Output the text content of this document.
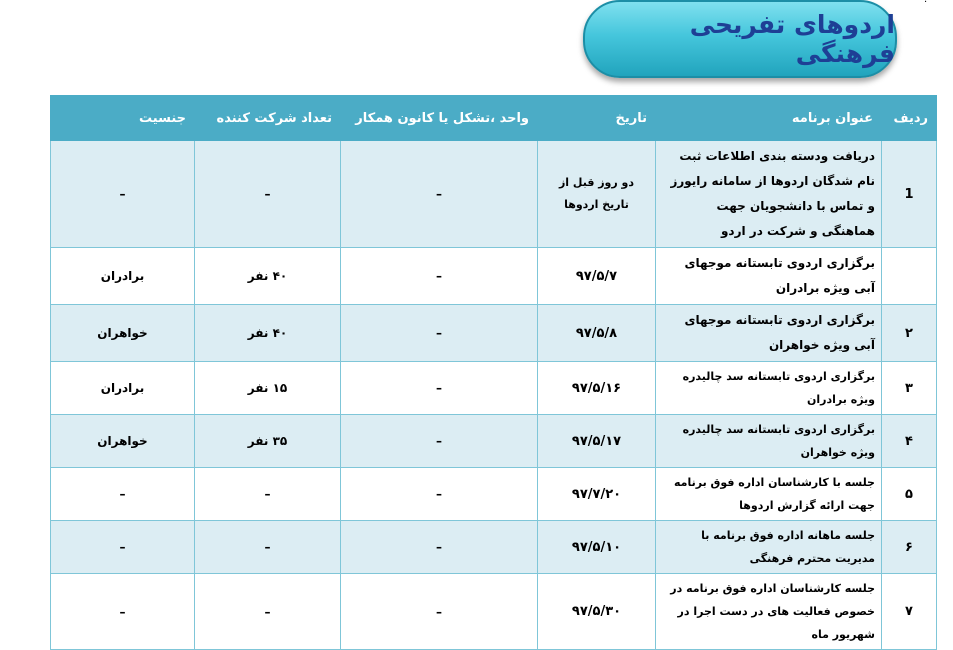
اردوهای تفریحی فرهنگی
ردیف	عنوان برنامه	تاریخ	واحد ،تشکل یا کانون همکار	تعداد شرکت کننده	جنسیت
1	دریافت ودسته بندی اطلاعات ثبت نام شدگان اردوها از سامانه رایورز و تماس با دانشجویان جهت هماهنگی و شرکت در اردو	دو روز قبل از تاریخ اردوها	–	–	–
	برگزاری اردوی تابستانه موجهای آبی ویژه برادران	۹۷/۵/۷	–	۴۰ نفر	برادران
۲	برگزاری اردوی تابستانه موجهای آبی ویژه خواهران	۹۷/۵/۸	–	۴۰ نفر	خواهران
۳	برگزاری اردوی تابستانه سد چالیدره ویژه برادران	۹۷/۵/۱۶	–	۱۵ نفر	برادران
۴	برگزاری اردوی تابستانه سد چالیدره ویژه خواهران	۹۷/۵/۱۷	–	۳۵ نفر	خواهران
۵	جلسه با کارشناسان اداره فوق برنامه جهت ارائه گزارش اردوها	۹۷/۷/۲۰	–	–	–
۶	جلسه ماهانه اداره فوق برنامه با مدیریت محترم فرهنگی	۹۷/۵/۱۰	–	–	–
۷	جلسه کارشناسان اداره فوق برنامه در خصوص فعالیت های در دست اجرا در شهریور ماه	۹۷/۵/۳۰	–	–	–
